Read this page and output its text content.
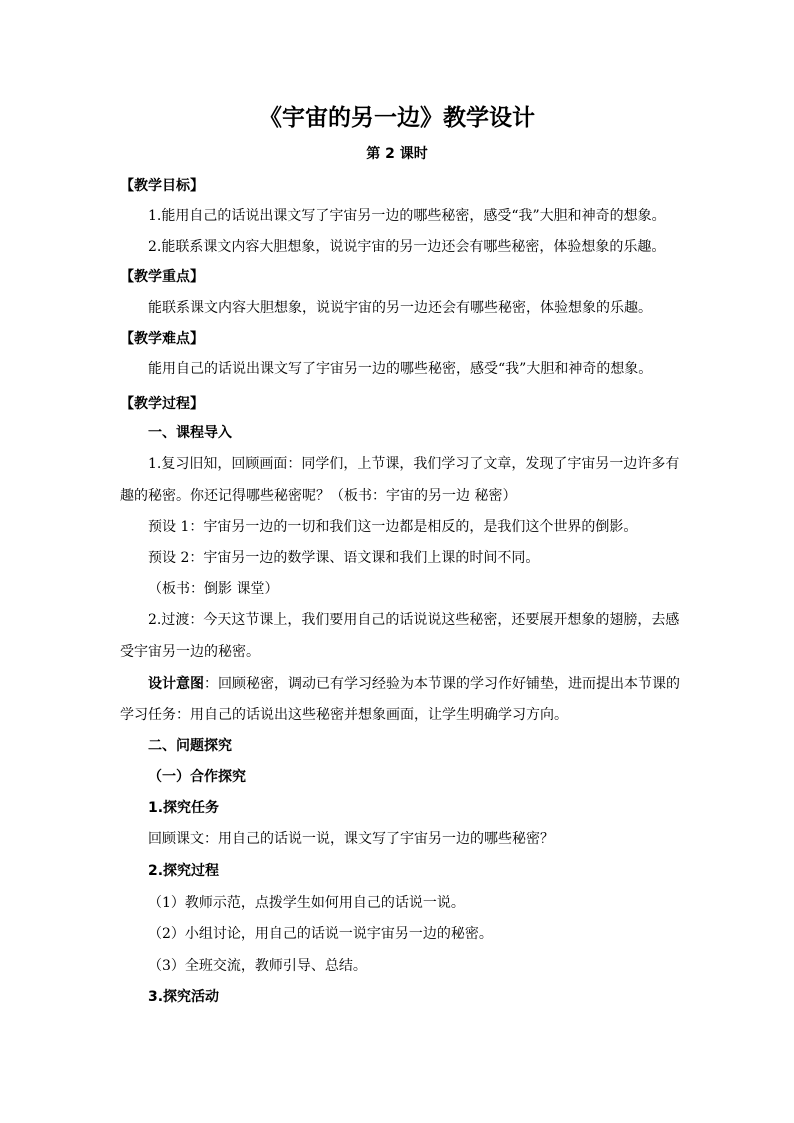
《宇宙的另一边》教学设计
第 2 课时
【教学目标】
1.能用自己的话说出课文写了宇宙另一边的哪些秘密，感受“我”大胆和神奇的想象。
2.能联系课文内容大胆想象，说说宇宙的另一边还会有哪些秘密，体验想象的乐趣。
【教学重点】
能联系课文内容大胆想象，说说宇宙的另一边还会有哪些秘密，体验想象的乐趣。
【教学难点】
能用自己的话说出课文写了宇宙另一边的哪些秘密，感受“我”大胆和神奇的想象。
【教学过程】
一、课程导入
1.复习旧知，回顾画面：同学们，上节课，我们学习了文章，发现了宇宙另一边许多有
趣的秘密。你还记得哪些秘密呢？（板书：宇宙的另一边 秘密）
预设 1：宇宙另一边的一切和我们这一边都是相反的，是我们这个世界的倒影。
预设 2：宇宙另一边的数学课、语文课和我们上课的时间不同。
（板书：倒影 课堂）
2.过渡：今天这节课上，我们要用自己的话说说这些秘密，还要展开想象的翅膀，去感
受宇宙另一边的秘密。
设计意图：回顾秘密，调动已有学习经验为本节课的学习作好铺垫，进而提出本节课的
学习任务：用自己的话说出这些秘密并想象画面，让学生明确学习方向。
二、问题探究
（一）合作探究
1.探究任务
回顾课文：用自己的话说一说，课文写了宇宙另一边的哪些秘密？
2.探究过程
（1）教师示范，点拨学生如何用自己的话说一说。
（2）小组讨论，用自己的话说一说宇宙另一边的秘密。
（3）全班交流，教师引导、总结。
3.探究活动
